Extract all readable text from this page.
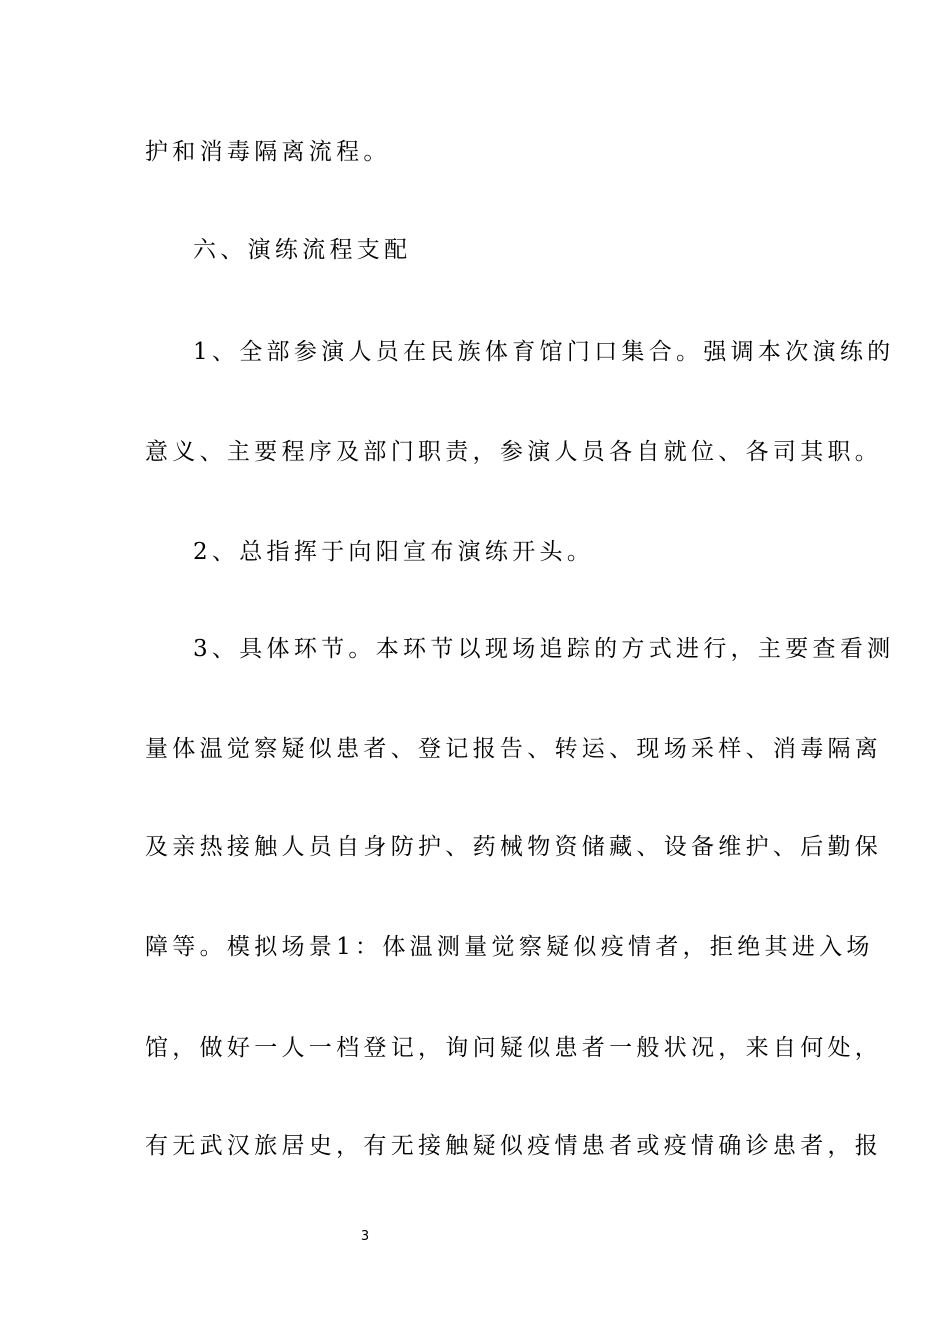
护和消毒隔离流程。
六、演练流程支配
1、全部参演人员在民族体育馆门口集合。强调本次演练的
意义、主要程序及部门职责，参演人员各自就位、各司其职。
2、总指挥于向阳宣布演练开头。
3、具体环节。本环节以现场追踪的方式进行，主要查看测
量体温觉察疑似患者、登记报告、转运、现场采样、消毒隔离
及亲热接触人员自身防护、药械物资储藏、设备维护、后勤保
障等。模拟场景1：体温测量觉察疑似疫情者，拒绝其进入场
馆，做好一人一档登记，询问疑似患者一般状况，来自何处，
有无武汉旅居史，有无接触疑似疫情患者或疫情确诊患者，报
3
